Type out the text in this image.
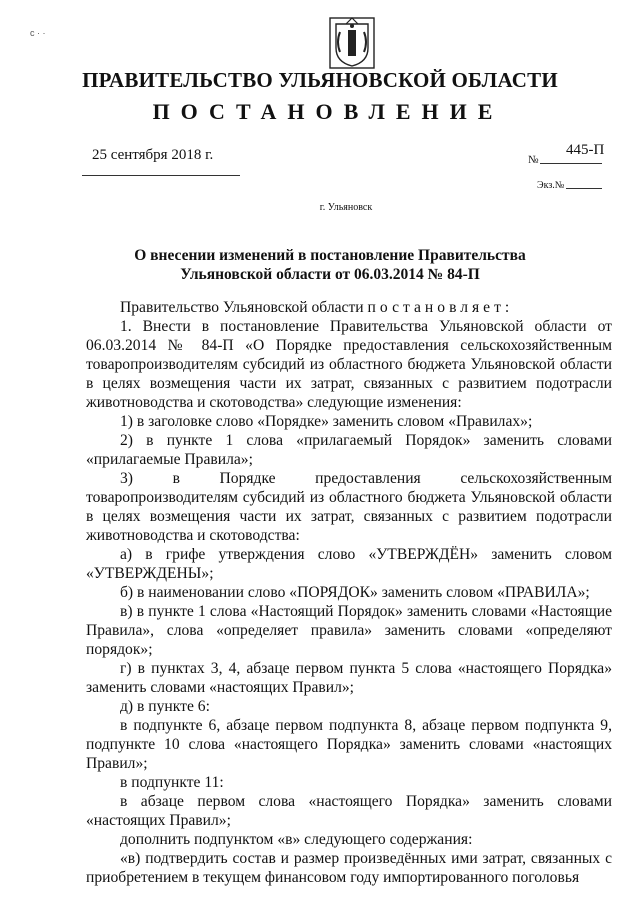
с · ·
ПРАВИТЕЛЬСТВО УЛЬЯНОВСКОЙ ОБЛАСТИ
ПОСТАНОВЛЕНИЕ
25 сентября 2018 г.	№
445-П
Экз.№
г. Ульяновск
О внесении изменений в постановление Правительства
Ульяновской области от 06.03.2014 № 84-П

Правительство Ульяновской области постановляет:

1. Внести в постановление Правительства Ульяновской области от 06.03.2014 № 84-П «О Порядке предоставления сельскохозяйственным товаропроизводителям субсидий из областного бюджета Ульяновской области в целях возмещения части их затрат, связанных с развитием подотрасли животноводства и скотоводства» следующие изменения:

1) в заголовке слово «Порядке» заменить словом «Правилах»;

2) в пункте 1 слова «прилагаемый Порядок» заменить словами «прилагаемые Правила»;

3) в Порядке предоставления сельскохозяйственным товаропроизводителям субсидий из областного бюджета Ульяновской области в целях возмещения части их затрат, связанных с развитием подотрасли животноводства и скотоводства:

а) в грифе утверждения слово «УТВЕРЖДЁН» заменить словом «УТВЕРЖДЕНЫ»;

б) в наименовании слово «ПОРЯДОК» заменить словом «ПРАВИЛА»;

в) в пункте 1 слова «Настоящий Порядок» заменить словами «Настоящие Правила», слова «определяет правила» заменить словами «определяют порядок»;

г) в пунктах 3, 4, абзаце первом пункта 5 слова «настоящего Порядка» заменить словами «настоящих Правил»;

д) в пункте 6:

в подпункте 6, абзаце первом подпункта 8, абзаце первом подпункта 9, подпункте 10 слова «настоящего Порядка» заменить словами «настоящих Правил»;

в подпункте 11:

в абзаце первом слова «настоящего Порядка» заменить словами «настоящих Правил»;

дополнить подпунктом «в» следующего содержания:

«в) подтвердить состав и размер произведённых ими затрат, связанных с приобретением в текущем финансовом году импортированного поголовья
